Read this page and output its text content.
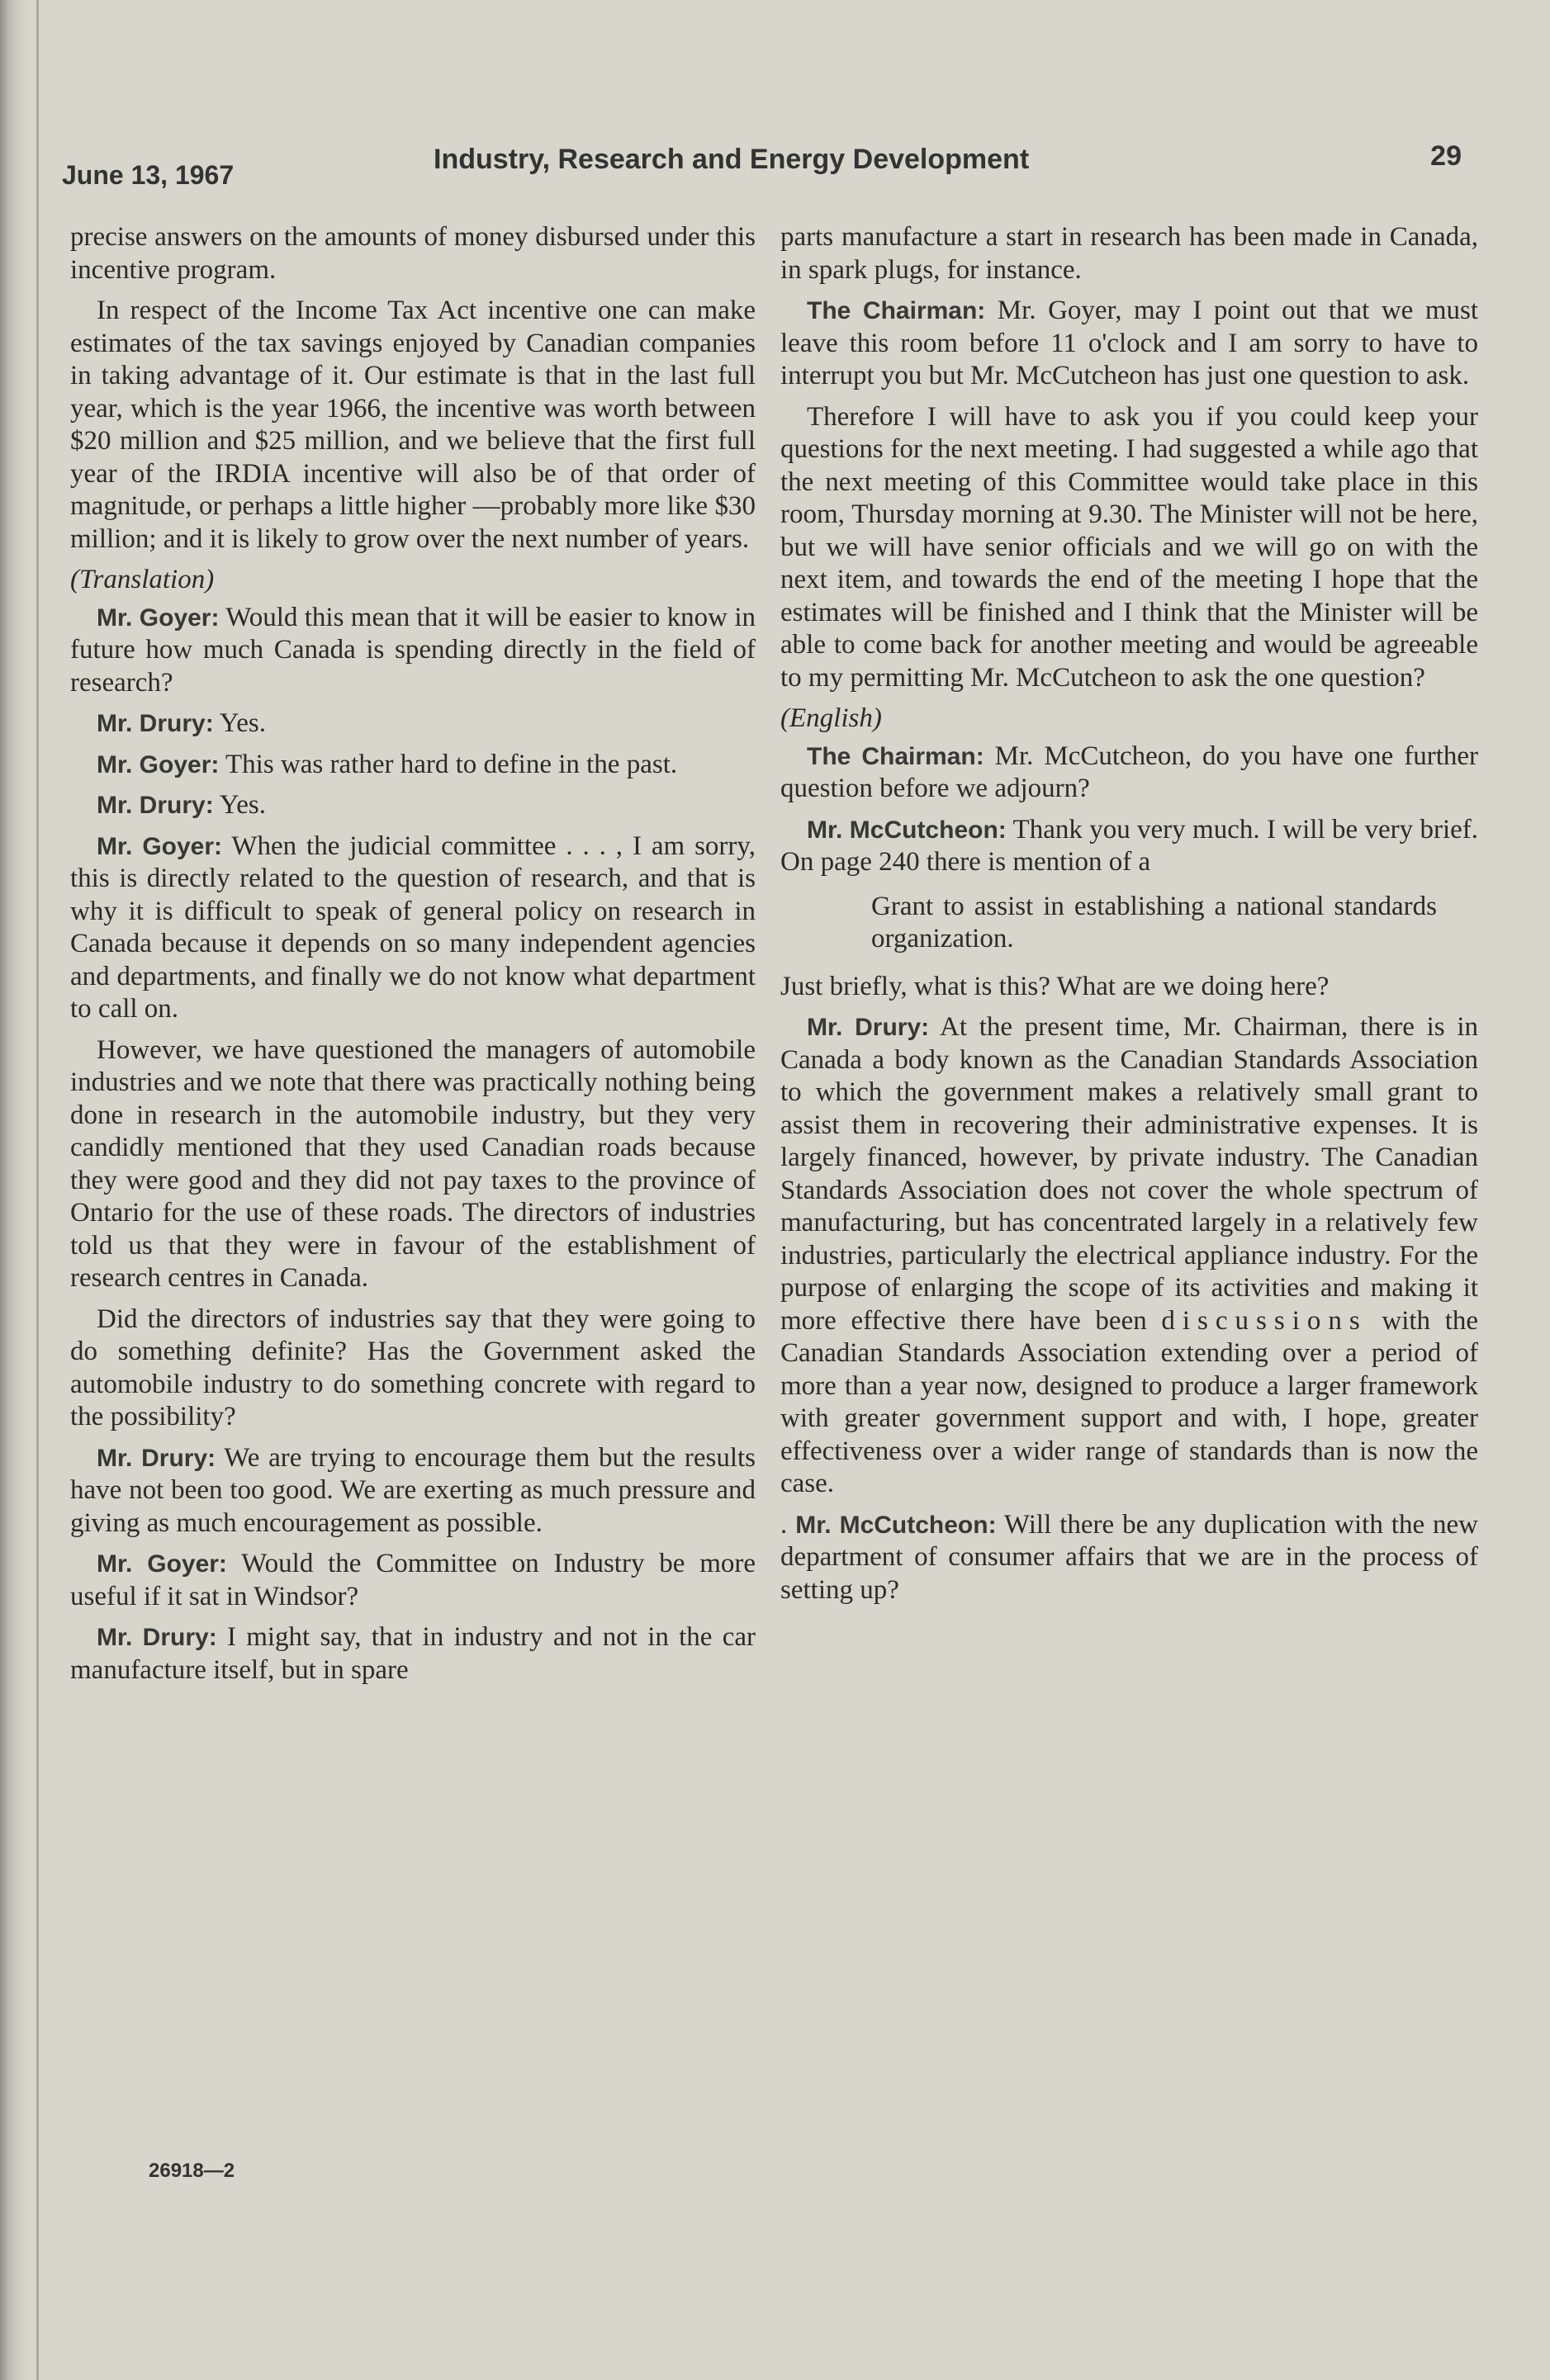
June 13, 1967	Industry, Research and Energy Development	29

precise answers on the amounts of money disbursed under this incentive program.

In respect of the Income Tax Act incentive one can make estimates of the tax savings enjoyed by Canadian companies in taking advantage of it. Our estimate is that in the last full year, which is the year 1966, the incentive was worth between $20 million and $25 million, and we believe that the first full year of the IRDIA incentive will also be of that order of magnitude, or perhaps a little higher —probably more like $30 million; and it is likely to grow over the next number of years.

(Translation)

Mr. Goyer: Would this mean that it will be easier to know in future how much Canada is spending directly in the field of research?

Mr. Drury: Yes.

Mr. Goyer: This was rather hard to define in the past.

Mr. Drury: Yes.

Mr. Goyer: When the judicial committee . . . , I am sorry, this is directly related to the question of research, and that is why it is difficult to speak of general policy on research in Canada because it depends on so many independent agencies and departments, and finally we do not know what department to call on.

However, we have questioned the managers of automobile industries and we note that there was practically nothing being done in research in the automobile industry, but they very candidly mentioned that they used Canadian roads because they were good and they did not pay taxes to the province of Ontario for the use of these roads. The directors of industries told us that they were in favour of the establishment of research centres in Canada.

Did the directors of industries say that they were going to do something definite? Has the Government asked the automobile industry to do something concrete with regard to the possibility?

Mr. Drury: We are trying to encourage them but the results have not been too good. We are exerting as much pressure and giving as much encouragement as possible.

Mr. Goyer: Would the Committee on Industry be more useful if it sat in Windsor?

Mr. Drury: I might say, that in industry and not in the car manufacture itself, but in spare

26918—2

parts manufacture a start in research has been made in Canada, in spark plugs, for instance.

The Chairman: Mr. Goyer, may I point out that we must leave this room before 11 o'clock and I am sorry to have to interrupt you but Mr. McCutcheon has just one question to ask.

Therefore I will have to ask you if you could keep your questions for the next meeting. I had suggested a while ago that the next meeting of this Committee would take place in this room, Thursday morning at 9.30. The Minister will not be here, but we will have senior officials and we will go on with the next item, and towards the end of the meeting I hope that the estimates will be finished and I think that the Minister will be able to come back for another meeting and would be agreeable to my permitting Mr. McCutcheon to ask the one question?

(English)

The Chairman: Mr. McCutcheon, do you have one further question before we adjourn?

Mr. McCutcheon: Thank you very much. I will be very brief. On page 240 there is mention of a

Grant to assist in establishing a national standards organization.

Just briefly, what is this? What are we doing here?

Mr. Drury: At the present time, Mr. Chairman, there is in Canada a body known as the Canadian Standards Association to which the government makes a relatively small grant to assist them in recovering their administrative expenses. It is largely financed, however, by private industry. The Canadian Standards Association does not cover the whole spectrum of manufacturing, but has concentrated largely in a relatively few industries, particularly the electrical appliance industry. For the purpose of enlarging the scope of its activities and making it more effective there have been discussions with the Canadian Standards Association extending over a period of more than a year now, designed to produce a larger framework with greater government support and with, I hope, greater effectiveness over a wider range of standards than is now the case.

. Mr. McCutcheon: Will there be any duplication with the new department of consumer affairs that we are in the process of setting up?
